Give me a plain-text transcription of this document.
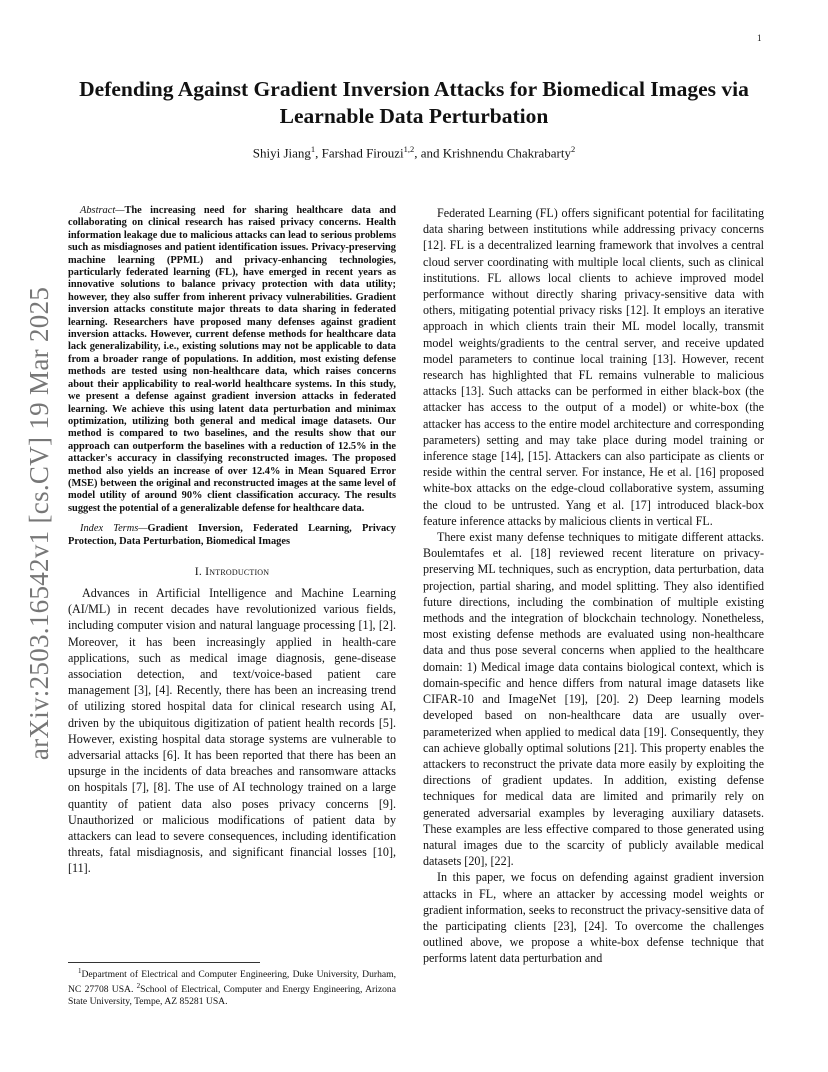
1
arXiv:2503.16542v1 [cs.CV] 19 Mar 2025
Defending Against Gradient Inversion Attacks for Biomedical Images via Learnable Data Perturbation
Shiyi Jiang$^1$, Farshad Firouzi$^{1,2}$, and Krishnendu Chakrabarty$^2$

Abstract—The increasing need for sharing healthcare data and collaborating on clinical research has raised privacy concerns. Health information leakage due to malicious attacks can lead to serious problems such as misdiagnoses and patient identification issues. Privacy-preserving machine learning (PPML) and privacy-enhancing technologies, particularly federated learning (FL), have emerged in recent years as innovative solutions to balance privacy protection with data utility; however, they also suffer from inherent privacy vulnerabilities. Gradient inversion attacks constitute major threats to data sharing in federated learning. Researchers have proposed many defenses against gradient inversion attacks. However, current defense methods for healthcare data lack generalizability, i.e., existing solutions may not be applicable to data from a broader range of populations. In addition, most existing defense methods are tested using non-healthcare data, which raises concerns about their applicability to real-world healthcare systems. In this study, we present a defense against gradient inversion attacks in federated learning. We achieve this using latent data perturbation and minimax optimization, utilizing both general and medical image datasets. Our method is compared to two baselines, and the results show that our approach can outperform the baselines with a reduction of 12.5% in the attacker's accuracy in classifying reconstructed images. The proposed method also yields an increase of over 12.4% in Mean Squared Error (MSE) between the original and reconstructed images at the same level of model utility of around 90% client classification accuracy. The results suggest the potential of a generalizable defense for healthcare data.

Index Terms—Gradient Inversion, Federated Learning, Privacy Protection, Data Perturbation, Biomedical Images

I. Introduction

Advances in Artificial Intelligence and Machine Learning (AI/ML) in recent decades have revolutionized various fields, including computer vision and natural language processing [1], [2]. Moreover, it has been increasingly applied in health-care applications, such as medical image diagnosis, gene-disease association detection, and text/voice-based patient care management [3], [4]. Recently, there has been an increasing trend of utilizing stored hospital data for clinical research using AI, driven by the ubiquitous digitization of patient health records [5]. However, existing hospital data storage systems are vulnerable to adversarial attacks [6]. It has been reported that there has been an upsurge in the incidents of data breaches and ransomware attacks on hospitals [7], [8]. The use of AI technology trained on a large quantity of patient data also poses privacy concerns [9]. Unauthorized or malicious modifications of patient data by attackers can lead to severe consequences, including identification threats, fatal misdiagnosis, and significant financial losses [10], [11].

$^1$Department of Electrical and Computer Engineering, Duke University, Durham, NC 27708 USA. $^2$School of Electrical, Computer and Energy Engineering, Arizona State University, Tempe, AZ 85281 USA.

Federated Learning (FL) offers significant potential for facilitating data sharing between institutions while addressing privacy concerns [12]. FL is a decentralized learning framework that involves a central cloud server coordinating with multiple local clients, such as clinical institutions. FL allows local clients to achieve improved model performance without directly sharing privacy-sensitive data with others, mitigating potential privacy risks [12]. It employs an iterative approach in which clients train their ML model locally, transmit model weights/gradients to the central server, and receive updated model parameters to continue local training [13]. However, recent research has highlighted that FL remains vulnerable to malicious attacks [13]. Such attacks can be performed in either black-box (the attacker has access to the output of a model) or white-box (the attacker has access to the entire model architecture and corresponding parameters) setting and may take place during model training or inference stage [14], [15]. Attackers can also participate as clients or reside within the central server. For instance, He et al. [16] proposed white-box attacks on the edge-cloud collaborative system, assuming the cloud to be untrusted. Yang et al. [17] introduced black-box feature inference attacks by malicious clients in vertical FL.

There exist many defense techniques to mitigate different attacks. Boulemtafes et al. [18] reviewed recent literature on privacy-preserving ML techniques, such as encryption, data perturbation, data projection, partial sharing, and model splitting. They also identified future directions, including the combination of multiple existing methods and the integration of blockchain technology. Nonetheless, most existing defense methods are evaluated using non-healthcare data and thus pose several concerns when applied to the healthcare domain: 1) Medical image data contains biological context, which is domain-specific and hence differs from natural image datasets like CIFAR-10 and ImageNet [19], [20]. 2) Deep learning models developed based on non-healthcare data are usually over-parameterized when applied to medical data [19]. Consequently, they can achieve globally optimal solutions [21]. This property enables the attackers to reconstruct the private data more easily by exploiting the directions of gradient updates. In addition, existing defense techniques for medical data are limited and primarily rely on generated adversarial examples by leveraging auxiliary datasets. These examples are less effective compared to those generated using natural images due to the scarcity of publicly available medical datasets [20], [22].

In this paper, we focus on defending against gradient inversion attacks in FL, where an attacker by accessing model weights or gradient information, seeks to reconstruct the privacy-sensitive data of the participating clients [23], [24]. To overcome the challenges outlined above, we propose a white-box defense technique that performs latent data perturbation and
